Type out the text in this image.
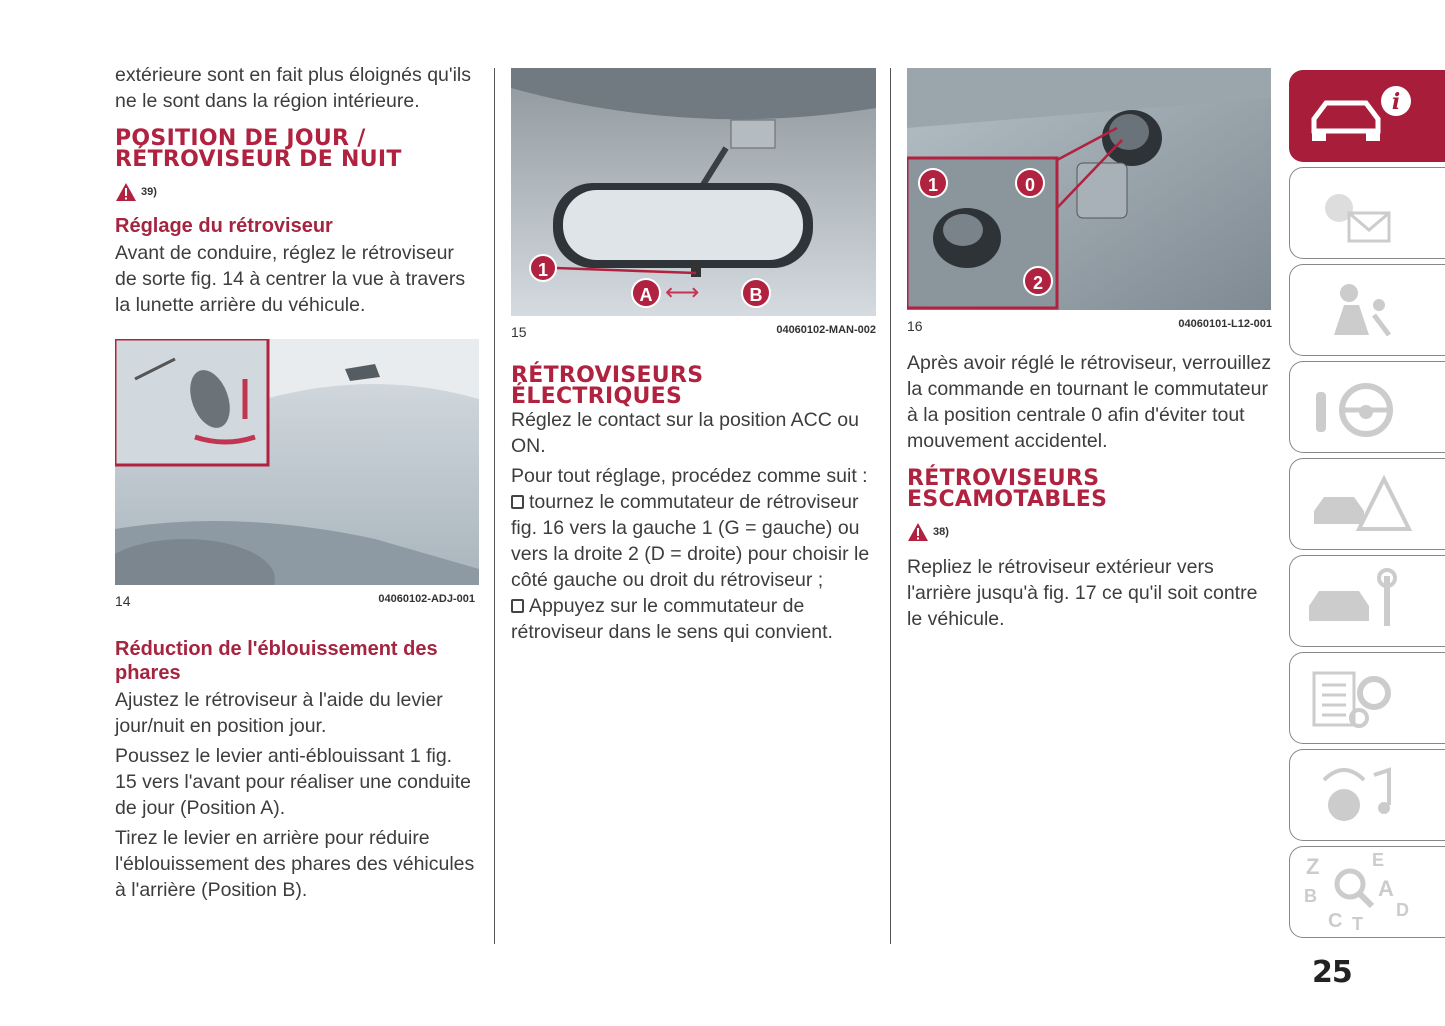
extérieure sont en fait plus éloignés qu'ils ne le sont dans la région intérieure.

POSITION DE JOUR / RÉTROVISEUR DE NUIT
39)
Réglage du rétroviseur

Avant de conduire, réglez le rétroviseur de sorte fig. 14 à centrer la vue à travers la lunette arrière du véhicule.

14	04060102-ADJ-001
Réduction de l'éblouissement des phares

Ajustez le rétroviseur à l'aide du levier jour/nuit en position jour.

Poussez le levier anti-éblouissant 1 fig. 15 vers l'avant pour réaliser une conduite de jour (Position A).

Tirez le levier en arrière pour réduire l'éblouissement des phares des véhicules à l'arrière (Position B).

1
A ⟷	B
15	04060102-MAN-002
RÉTROVISEURS ÉLECTRIQUES

Réglez le contact sur la position ACC ou ON.

Pour tout réglage, procédez comme suit :

tournez le commutateur de rétroviseur fig. 16 vers la gauche 1 (G = gauche) ou vers la droite 2 (D = droite) pour choisir le côté gauche ou droit du rétroviseur ;

Appuyez sur le commutateur de rétroviseur dans le sens qui convient.

1	0
2
16	04060101-L12-001

Après avoir réglé le rétroviseur, verrouillez la commande en tournant le commutateur à la position centrale 0 afin d'éviter tout mouvement accidentel.

RÉTROVISEURS ESCAMOTABLES
38)

Repliez le rétroviseur extérieur vers l'arrière jusqu'à fig. 17 ce qu'il soit contre le véhicule.

i
Z	E
A
B
D
C T
25
